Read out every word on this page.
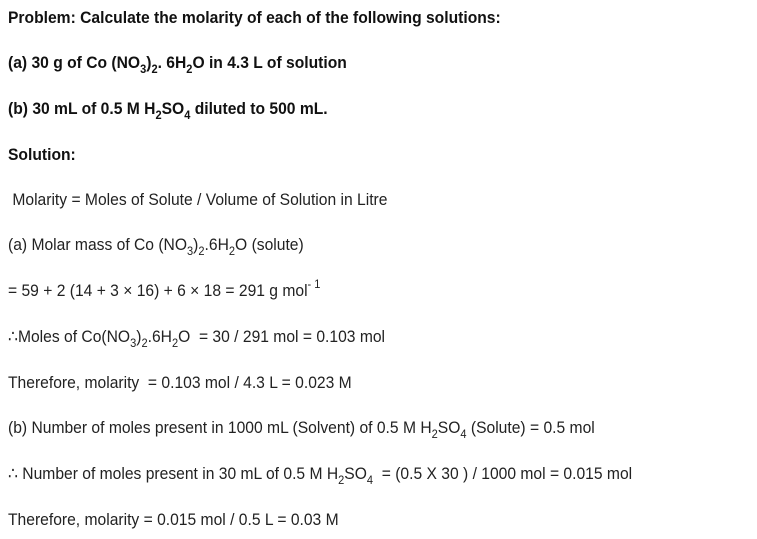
Problem: Calculate the molarity of each of the following solutions:
(a) 30 g of Co $(NO_3)_2$. $6H_2O$ in 4.3 L of solution
(b) 30 mL of 0.5 M $H_2SO_4$ diluted to 500 mL.
Solution:
Molarity = Moles of Solute / Volume of Solution in Litre
(a) Molar mass of Co $(NO_3)_2.6H_2O$ (solute)
= 59 + 2 (14 + 3 × 16) + 6 × 18 = 291 g mol$^{- 1}$
∴Moles of $Co(NO_3)_2.6H_2O = 30 / 291$ mol = 0.103 mol
Therefore, molarity  = 0.103 mol / 4.3 L = 0.023 M
(b) Number of moles present in 1000 mL (Solvent) of 0.5 M $H_2SO_4$ (Solute) = 0.5 mol
∴ Number of moles present in 30 mL of 0.5 M $H_2SO_4 = (0.5$ X 30 ) / 1000 mol = 0.015 mol
Therefore, molarity = 0.015 mol / 0.5 L = 0.03 M
